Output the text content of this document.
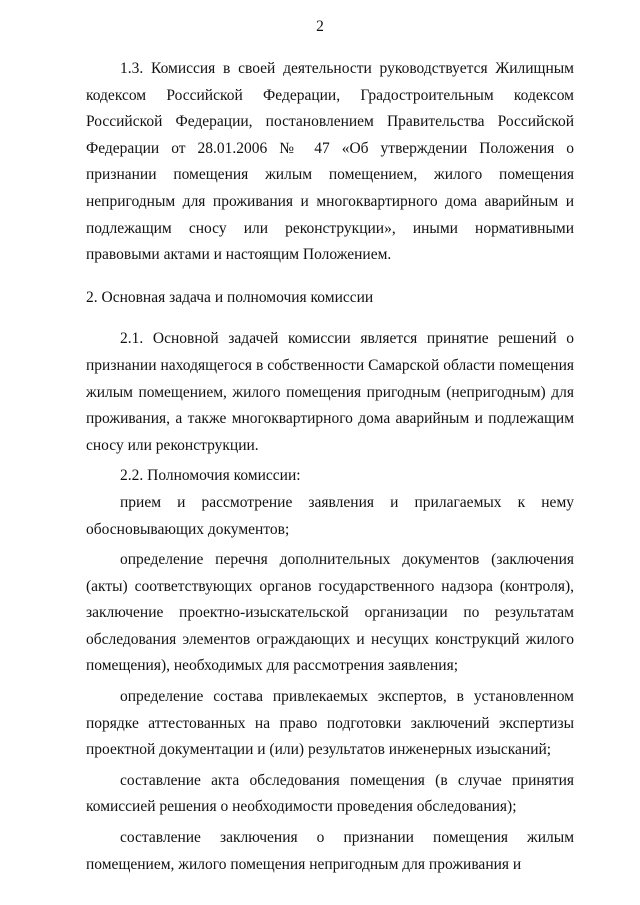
2

1.3. Комиссия в своей деятельности руководствуется Жилищным кодексом Российской Федерации, Градостроительным кодексом Российской Федерации, постановлением Правительства Российской Федерации от 28.01.2006 № 47 «Об утверждении Положения о признании помещения жилым помещением, жилого помещения непригодным для проживания и многоквартирного дома аварийным и подлежащим сносу или реконструкции», иными нормативными правовыми актами и настоящим Положением.

2. Основная задача и полномочия комиссии

2.1. Основной задачей комиссии является принятие решений о признании находящегося в собственности Самарской области помещения жилым помещением, жилого помещения пригодным (непригодным) для проживания, а также многоквартирного дома аварийным и подлежащим сносу или реконструкции.

2.2. Полномочия комиссии:

прием и рассмотрение заявления и прилагаемых к нему обосновывающих документов;

определение перечня дополнительных документов (заключения (акты) соответствующих органов государственного надзора (контроля), заключение проектно-изыскательской организации по результатам обследования элементов ограждающих и несущих конструкций жилого помещения), необходимых для рассмотрения заявления;

определение состава привлекаемых экспертов, в установленном порядке аттестованных на право подготовки заключений экспертизы проектной документации и (или) результатов инженерных изысканий;

составление акта обследования помещения (в случае принятия комиссией решения о необходимости проведения обследования);

составление заключения о признании помещения жилым помещением, жилого помещения непригодным для проживания и
